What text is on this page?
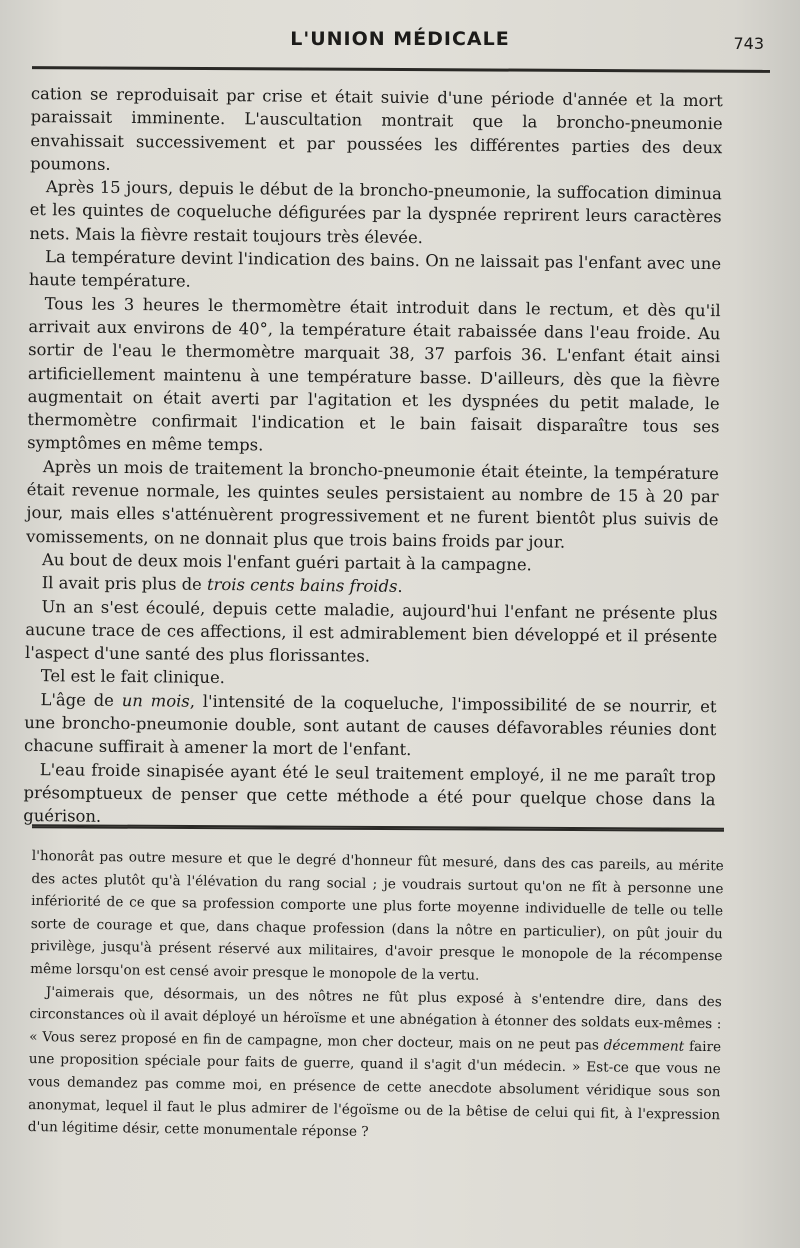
L'UNION MÉDICALE	743

cation se reproduisait par crise et était suivie d'une période d'année et la mort paraissait imminente. L'auscultation montrait que la broncho-pneumonie envahissait successivement et par poussées les différentes parties des deux poumons.

Après 15 jours, depuis le début de la broncho-pneumonie, la suffocation diminua et les quintes de coqueluche défigurées par la dyspnée reprirent leurs caractères nets. Mais la fièvre restait toujours très élevée.

La température devint l'indication des bains. On ne laissait pas l'enfant avec une haute température.

Tous les 3 heures le thermomètre était introduit dans le rectum, et dès qu'il arrivait aux environs de 40°, la température était rabaissée dans l'eau froide. Au sortir de l'eau le thermomètre marquait 38, 37 parfois 36. L'enfant était ainsi artificiellement maintenu à une température basse. D'ailleurs, dès que la fièvre augmentait on était averti par l'agitation et les dyspnées du petit malade, le thermomètre confirmait l'indication et le bain faisait disparaître tous ses symptômes en même temps.

Après un mois de traitement la broncho-pneumonie était éteinte, la température était revenue normale, les quintes seules persistaient au nombre de 15 à 20 par jour, mais elles s'atténuèrent progressivement et ne furent bientôt plus suivis de vomissements, on ne donnait plus que trois bains froids par jour.

Au bout de deux mois l'enfant guéri partait à la campagne.

Il avait pris plus de trois cents bains froids.

Un an s'est écoulé, depuis cette maladie, aujourd'hui l'enfant ne présente plus aucune trace de ces affections, il est admirablement bien développé et il présente l'aspect d'une santé des plus florissantes.

Tel est le fait clinique.

L'âge de un mois, l'intensité de la coqueluche, l'impossibilité de se nourrir, et une broncho-pneumonie double, sont autant de causes défavorables réunies dont chacune suffirait à amener la mort de l'enfant.

L'eau froide sinapisée ayant été le seul traitement employé, il ne me paraît trop présomptueux de penser que cette méthode a été pour quelque chose dans la guérison.

l'honorât pas outre mesure et que le degré d'honneur fût mesuré, dans des cas pareils, au mérite des actes plutôt qu'à l'élévation du rang social ; je voudrais surtout qu'on ne fît à personne une infériorité de ce que sa profession comporte une plus forte moyenne individuelle de telle ou telle sorte de courage et que, dans chaque profession (dans la nôtre en particulier), on pût jouir du privilège, jusqu'à présent réservé aux militaires, d'avoir presque le monopole de la récompense même lorsqu'on est censé avoir presque le monopole de la vertu.

J'aimerais que, désormais, un des nôtres ne fût plus exposé à s'entendre dire, dans des circonstances où il avait déployé un héroïsme et une abnégation à étonner des soldats eux-mêmes : « Vous serez proposé en fin de campagne, mon cher docteur, mais on ne peut pas décemment faire une proposition spéciale pour faits de guerre, quand il s'agit d'un médecin. » Est-ce que vous ne vous demandez pas comme moi, en présence de cette anecdote absolument véridique sous son anonymat, lequel il faut le plus admirer de l'égoïsme ou de la bêtise de celui qui fit, à l'expression d'un légitime désir, cette monumentale réponse ?
